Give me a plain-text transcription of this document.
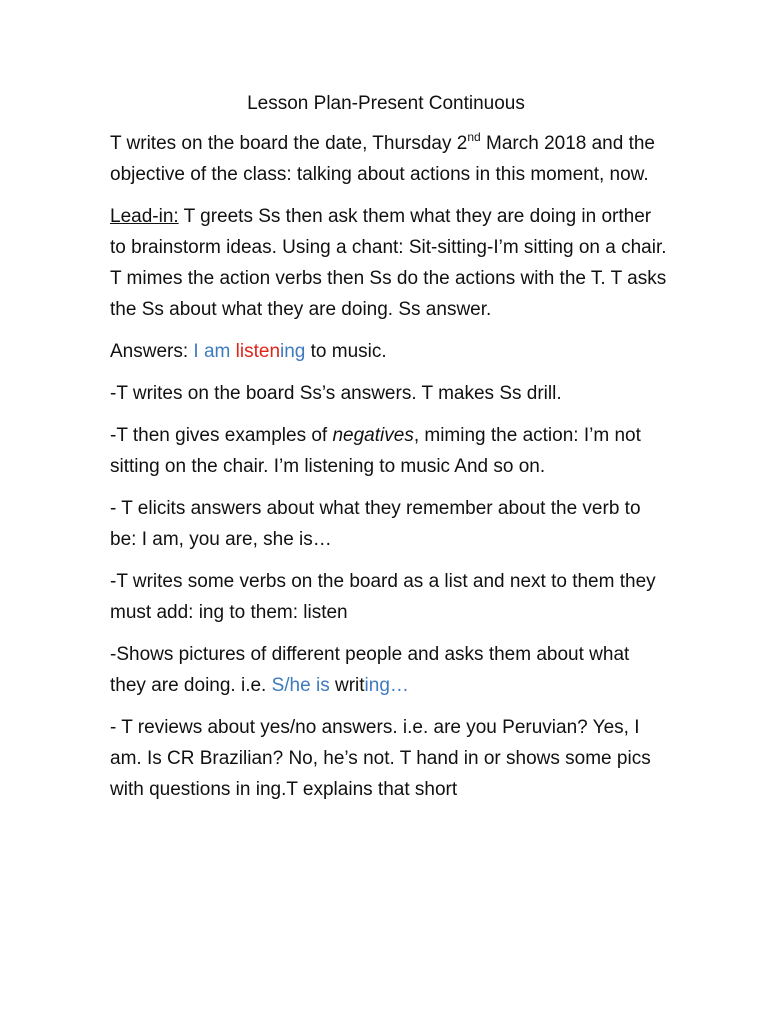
Lesson Plan-Present Continuous
T writes on the board the date, Thursday 2nd March 2018 and the objective of the class: talking about actions in this moment, now.
Lead-in: T greets Ss then ask them what they are doing in orther to brainstorm ideas. Using a chant: Sit-sitting-I’m sitting on a chair. T mimes the action verbs then Ss do the actions with the T. T asks the Ss about what they are doing. Ss answer.
Answers: I am listening to music.
-T writes on the board Ss’s answers. T makes Ss drill.
-T then gives examples of negatives, miming the action: I’m not sitting on the chair. I’m listening to music And so on.
- T elicits answers about what they remember about the verb to be: I am, you are, she is…
-T writes some verbs on the board as a list and next to them they must add: ing to them: listen
-Shows pictures of different people and asks them about what they are doing. i.e. S/he is writing…
- T reviews about yes/no answers. i.e. are you Peruvian? Yes, I am. Is CR Brazilian? No, he’s not. T hand in or shows some pics with questions in ing.T explains that short
